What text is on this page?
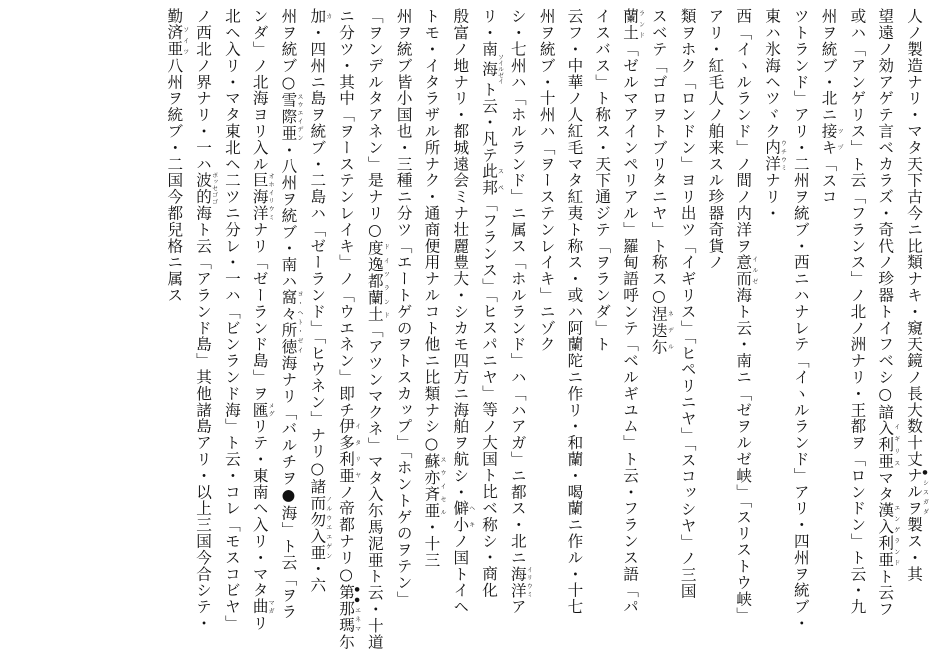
人ノ製造ナリ・マタ天下古今ニ比類ナキ・窺天鏡ノ長大数十丈ナルヲ●シスガダ製ス・其
望遠ノ効アゲテ言ベカラズ・奇代ノ珍器トイフベシ○諳入利亜イギリスマタ漢入利亜エンゲランドト云フ
或ハ「アンゲリス」ト云「フランス」ノ北ノ洲ナリ・王都ヲ「ロンドン」ト云・九
州ヲ統ブ・北ニ接キツヅ「スコ
ツトランド」アリ・二州ヲ統ブ・西ニハナレテ「イヽルランド」アリ・四州ヲ統ブ・
東ハ氷海ヘツヾク内洋ウチウミナリ・
西「イヽルランド」ノ間ノ内洋ヲ意而イルゼ海ト云・南ニ「ゼヲルゼ峡」「スリストウ峡」
アリ・紅毛人ノ舶来スル珍器奇貨ノ
類ヲホク「ロンドン」ヨリ出ツ「イギリス」「ヒペリニヤ」「スコッシヤ」ノ三国
スベテ「ゴロヲトブリタニヤ」ト称ス○涅迭尓ネデル
蘭土ランド「ゼルマアインペリアル」羅甸語呼ンテ「ベルギユム」ト云・フランス語「パ
イスバス」ト称ス・天下通ジテ「ヲランダ」ト
云フ・中華ノ人紅毛マタ紅夷ト称ス・或ハ阿蘭陀ニ作リ・和蘭・喝蘭ニ作ル・十七
州ヲ統ブ・十州ハ「ヲーステンレイキ」ニゾク
シ・七州ハ「ホルランド」ニ属ス「ホルランド」ハ「ハアガ」ニ都ス・北ニ海洋イリウミア
リ・南海ソイルゼイト云・凡テ此邦スペ「フランス」「ヒスパニヤ」等ノ大国ト比ベ称シ・商化
殷富ノ地ナリ・都城遠会ミナ壮麗豊大・シカモ四方ニ海舶ヲ航シ・僻小ヘキノ国トイヘ
トモ・イタラザル所ナク・通商便用ナルコト他ニ比類ナシ○蘇亦斉亜スウイセル・十三
州ヲ統ブ皆小国也・三種ニ分ツ「エートゲのヲトスカップ」「ホントゲのヲテン」
「ヲンデルタアネン」是ナリ○度逸都蘭土ドイツランド「アツンマクネ」マタ入尓馬泥亜ト云・十道
ニ分ツ・其中「ヲーステンレイキ」ノ「ウエネン」即チ伊多利亜イタリヤノ帝都ナリ○第那瑪●●エネマ尓
加カ・四州ニ島ヲ統ブ・二島ハ「ゼーランド」「ヒウネン」ナリ○諸而勿入亜ノルウエエゲン・六
州ヲ統ブ○雪際亜スウエイデン・八州ヲ統ブ・南ハ窩々所徳ヨ・ヘト・ゼイ海ナリ「バルチヲ●海」ト云「ヲラ
ンダ」ノ北海ヨリ入ル巨海洋オホイリウミナリ「ゼーランド島」ヲ匯メグリテ・東南ヘ入リ・マタ曲マガリ
北ヘ入リ・マタ東北ヘ二ツニ分レ・一ハ「ビンランド海」ト云・コレ「モスコビヤ」
ノ西北ノ界ナリ・一ハ波的ボッセゴゴ海ト云「アランド島」其他諸島アリ・以上三国今合シテ・
勤済亜ソイツ八州ヲ統ブ・二国今都兒格ニ属ス
